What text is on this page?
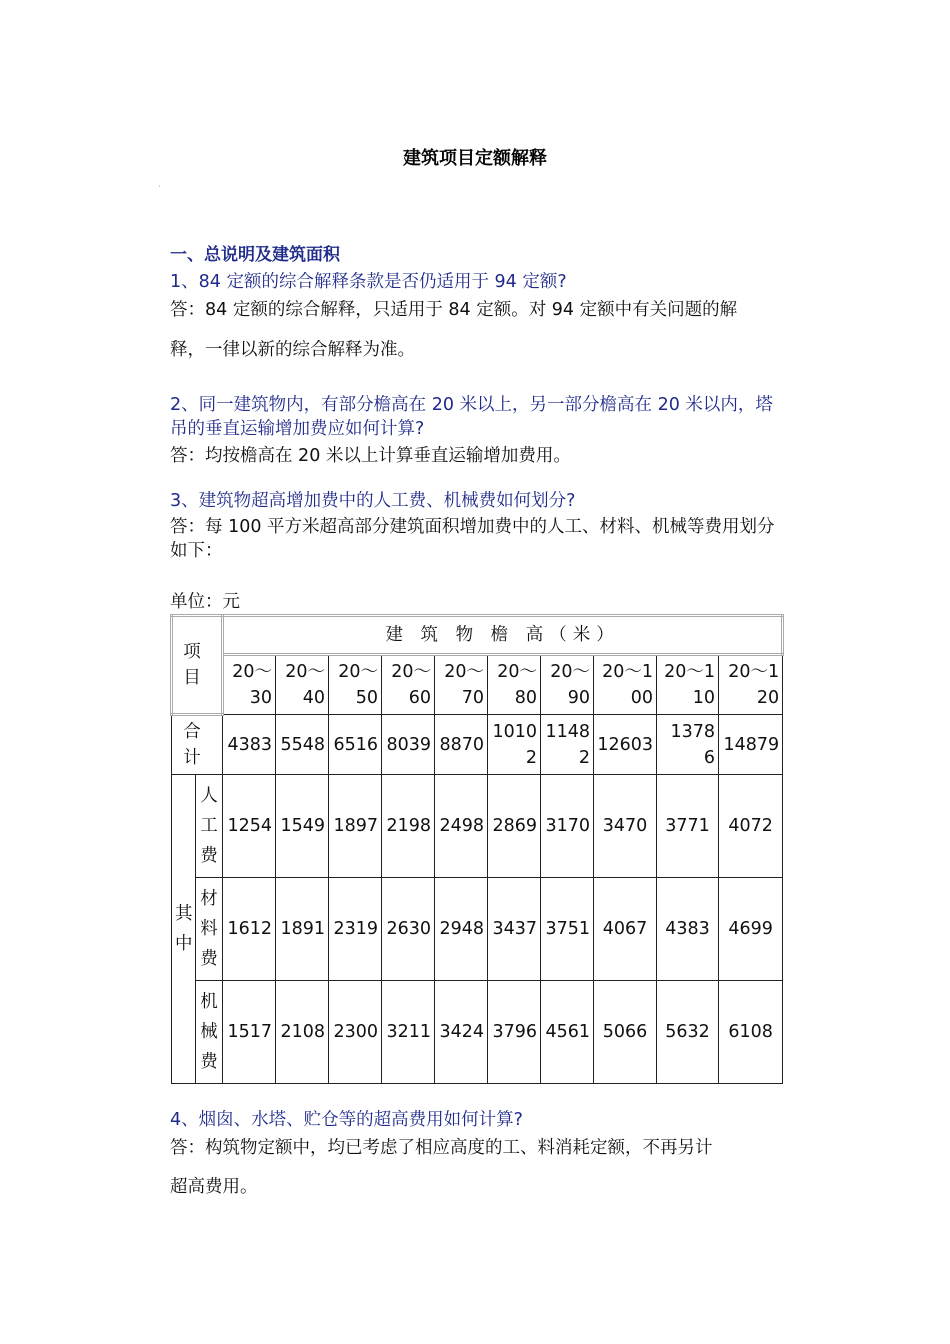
建筑项目定额解释
·
一、总说明及建筑面积
1、84 定额的综合解释条款是否仍适用于 94 定额?
答：84 定额的综合解释，只适用于 84 定额。对 94 定额中有关问题的解
释，一律以新的综合解释为准。
2、同一建筑物内，有部分檐高在 20 米以上，另一部分檐高在 20 米以内，塔吊的垂直运输增加费应如何计算?
答：均按檐高在 20 米以上计算垂直运输增加费用。
3、建筑物超高增加费中的人工费、机械费如何划分?
答：每 100 平方米超高部分建筑面积增加费中的人工、材料、机械等费用划分如下：
单位：元
项 目		建 筑 物 檐 高（米）									
		20～30	20～40	20～50	20～60	20～70	20～80	20～90	20～100	20～110	20～120
合 计		4383	5548	6516	8039	8870	10102	11482	12603	13786	14879
其中	人工费	1254	1549	1897	2198	2498	2869	3170	3470	3771	4072
	材料费	1612	1891	2319	2630	2948	3437	3751	4067	4383	4699
	机械费	1517	2108	2300	3211	3424	3796	4561	5066	5632	6108
4、烟囱、水塔、贮仓等的超高费用如何计算?
答：构筑物定额中，均已考虑了相应高度的工、料消耗定额，不再另计
超高费用。
